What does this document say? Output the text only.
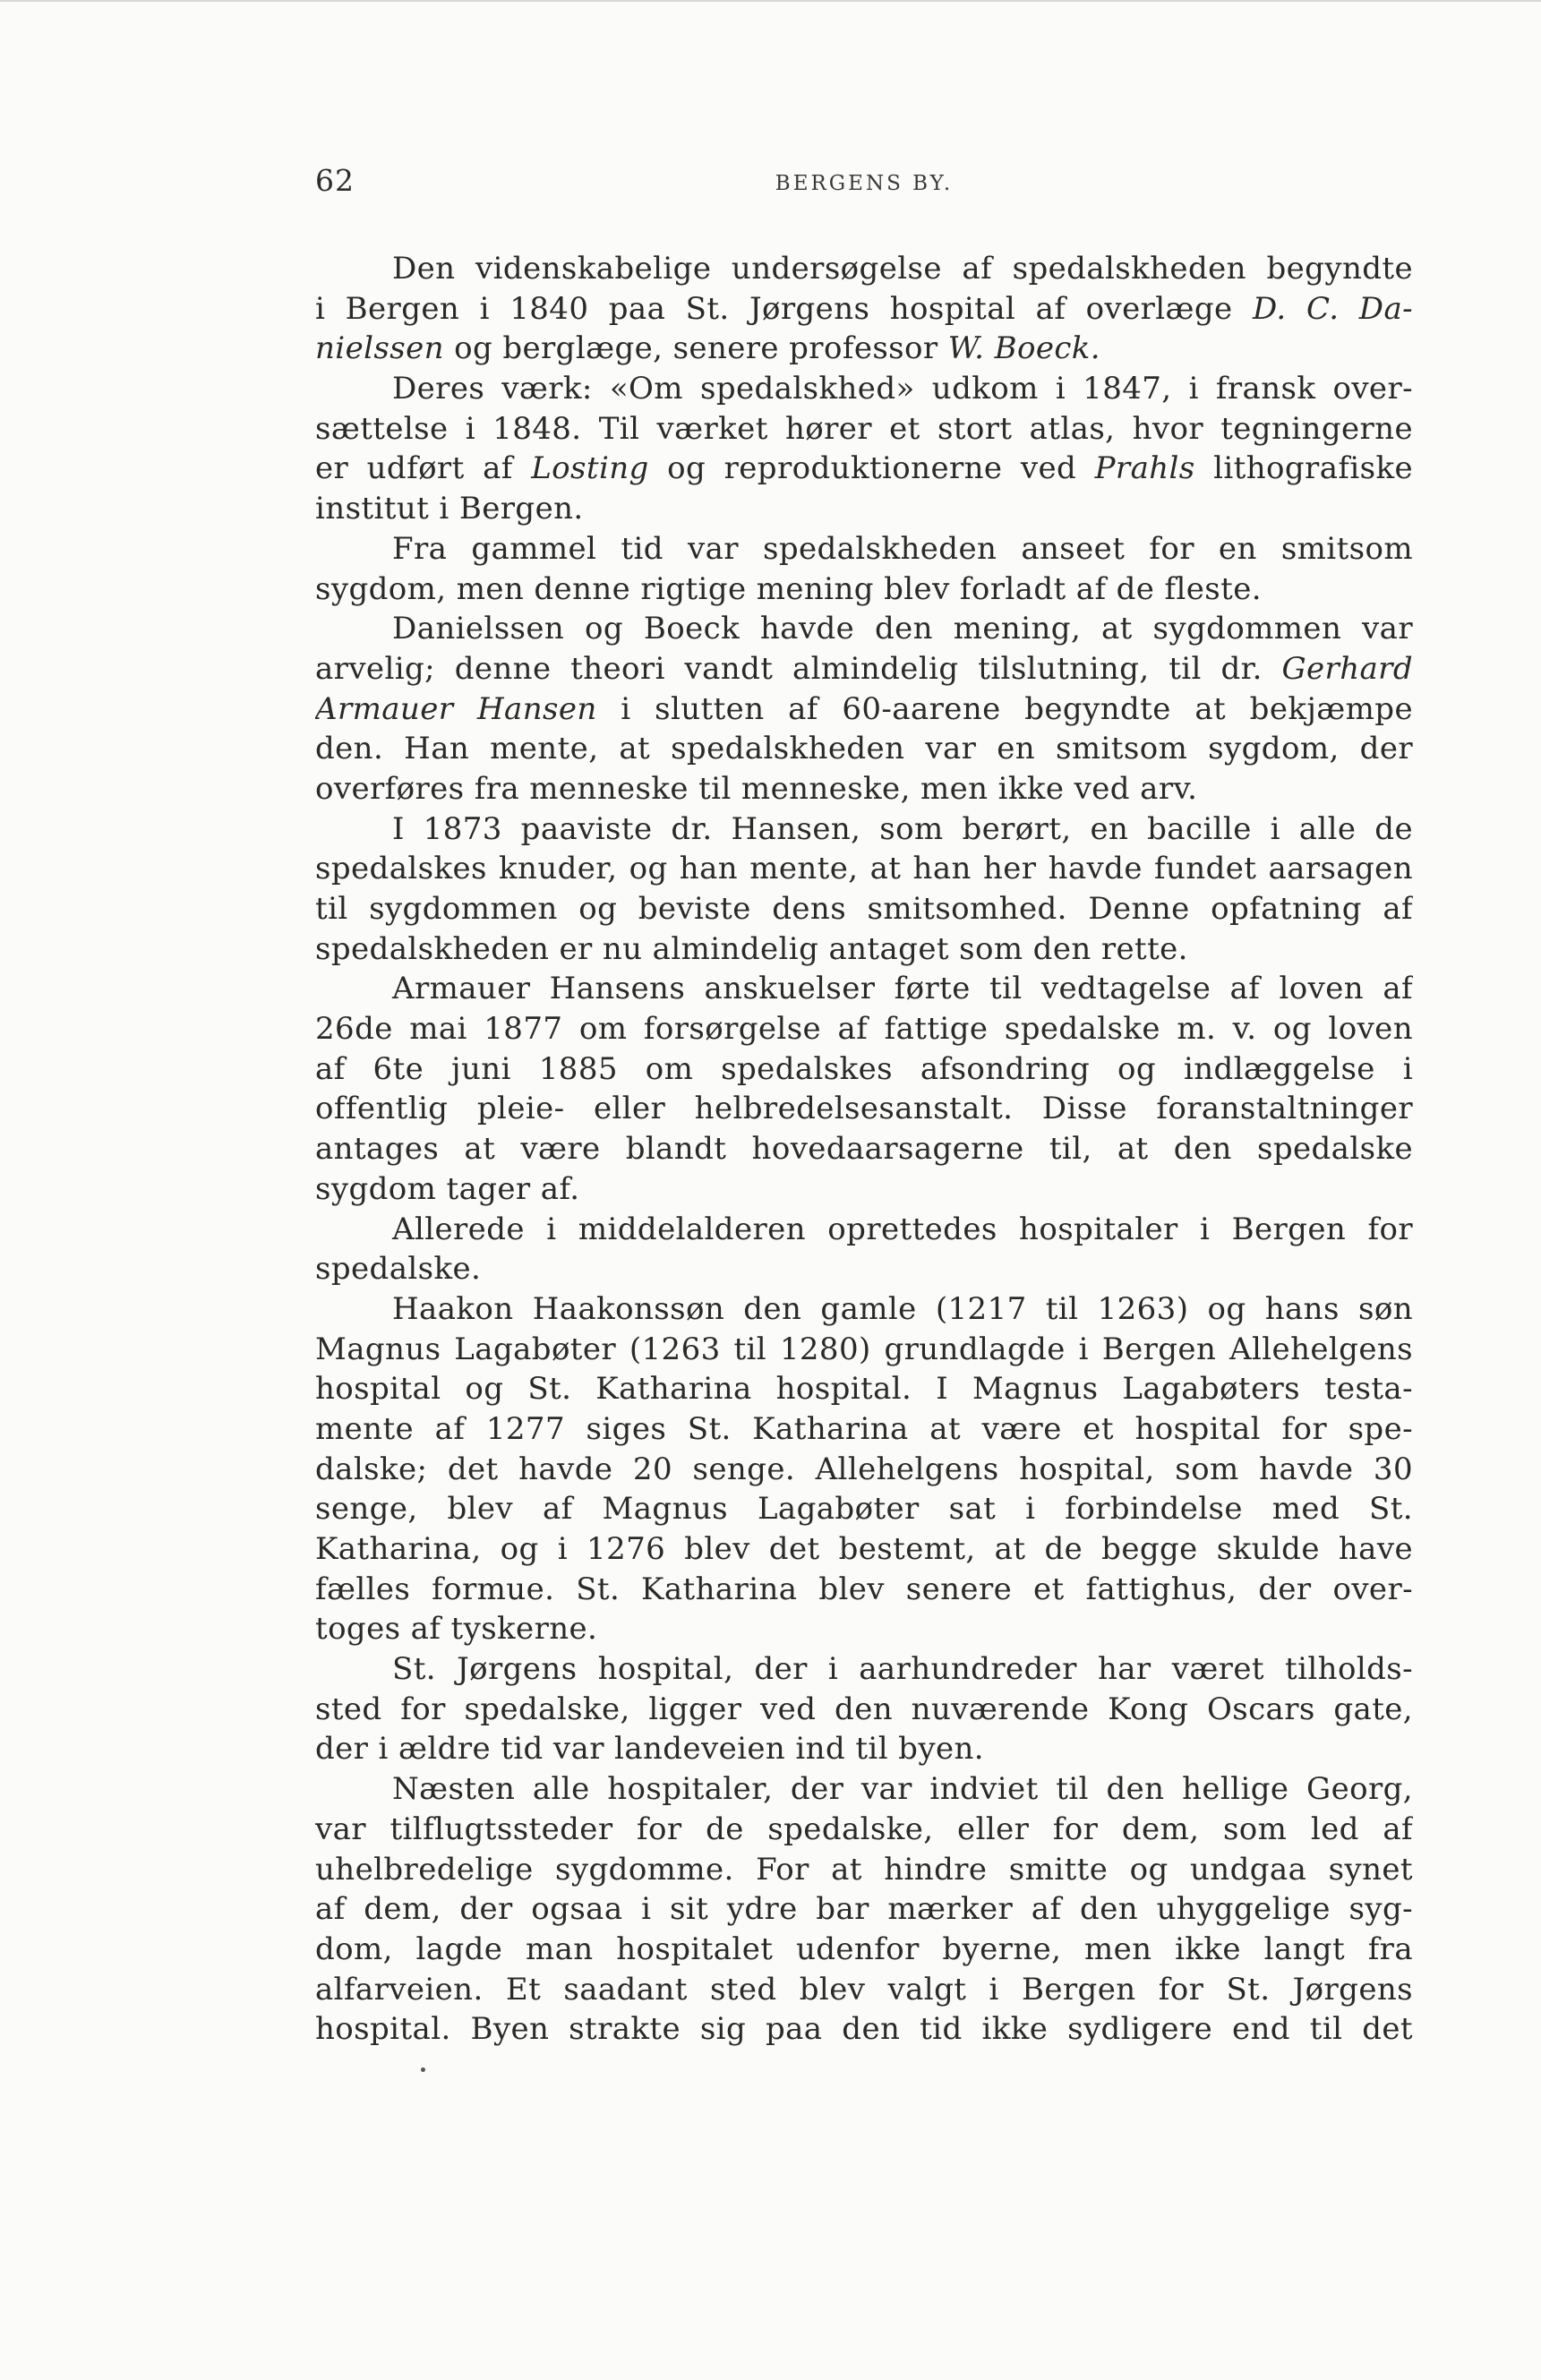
62	BERGENS BY.
Den videnskabelige undersøgelse af spedalskheden begyndte
i Bergen i 1840 paa St. Jørgens hospital af overlæge D. C. Da-
nielssen og berglæge, senere professor W. Boeck.
Deres værk: «Om spedalskhed» udkom i 1847, i fransk over-
sættelse i 1848. Til værket hører et stort atlas, hvor tegningerne
er udført af Losting og reproduktionerne ved Prahls lithografiske
institut i Bergen.
Fra gammel tid var spedalskheden anseet for en smitsom
sygdom, men denne rigtige mening blev forladt af de fleste.
Danielssen og Boeck havde den mening, at sygdommen var
arvelig; denne theori vandt almindelig tilslutning, til dr. Gerhard
Armauer Hansen i slutten af 60-aarene begyndte at bekjæmpe
den. Han mente, at spedalskheden var en smitsom sygdom, der
overføres fra menneske til menneske, men ikke ved arv.
I 1873 paaviste dr. Hansen, som berørt, en bacille i alle de
spedalskes knuder, og han mente, at han her havde fundet aarsagen
til sygdommen og beviste dens smitsomhed. Denne opfatning af
spedalskheden er nu almindelig antaget som den rette.
Armauer Hansens anskuelser førte til vedtagelse af loven af
26de mai 1877 om forsørgelse af fattige spedalske m. v. og loven
af 6te juni 1885 om spedalskes afsondring og indlæggelse i
offentlig pleie- eller helbredelsesanstalt. Disse foranstaltninger
antages at være blandt hovedaarsagerne til, at den spedalske
sygdom tager af.
Allerede i middelalderen oprettedes hospitaler i Bergen for
spedalske.
Haakon Haakonssøn den gamle (1217 til 1263) og hans søn
Magnus Lagabøter (1263 til 1280) grundlagde i Bergen Allehelgens
hospital og St. Katharina hospital. I Magnus Lagabøters testa-
mente af 1277 siges St. Katharina at være et hospital for spe-
dalske; det havde 20 senge. Allehelgens hospital, som havde 30
senge, blev af Magnus Lagabøter sat i forbindelse med St.
Katharina, og i 1276 blev det bestemt, at de begge skulde have
fælles formue. St. Katharina blev senere et fattighus, der over-
toges af tyskerne.
St. Jørgens hospital, der i aarhundreder har været tilholds-
sted for spedalske, ligger ved den nuværende Kong Oscars gate,
der i ældre tid var landeveien ind til byen.
Næsten alle hospitaler, der var indviet til den hellige Georg,
var tilflugtssteder for de spedalske, eller for dem, som led af
uhelbredelige sygdomme. For at hindre smitte og undgaa synet
af dem, der ogsaa i sit ydre bar mærker af den uhyggelige syg-
dom, lagde man hospitalet udenfor byerne, men ikke langt fra
alfarveien. Et saadant sted blev valgt i Bergen for St. Jørgens
hospital. Byen strakte sig paa den tid ikke sydligere end til det
